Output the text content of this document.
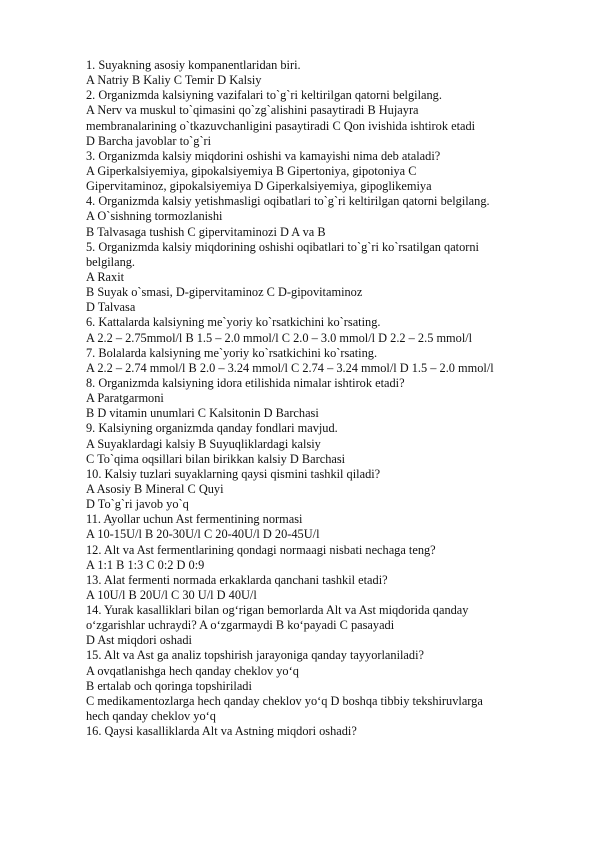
1. Suyakning asosiy kompanentlaridan biri.
A Natriy B Kaliy C Temir D Kalsiy
2. Organizmda kalsiyning vazifalari to`g`ri keltirilgan qatorni belgilang.
A Nerv va muskul to`qimasini qo`zg`alishini pasaytiradi B Hujayra
membranalarining o`tkazuvchanligini pasaytiradi C Qon ivishida ishtirok etadi
D Barcha javoblar to`g`ri
3. Organizmda kalsiy miqdorini oshishi va kamayishi nima deb ataladi?
A Giperkalsiyemiya, gipokalsiyemiya B Gipertoniya, gipotoniya C
Gipervitaminoz, gipokalsiyemiya D Giperkalsiyemiya, gipoglikemiya
4. Organizmda kalsiy yetishmasligi oqibatlari to`g`ri keltirilgan qatorni belgilang.
A O`sishning tormozlanishi
B Talvasaga tushish C gipervitaminozi D A va B
5. Organizmda kalsiy miqdorining oshishi oqibatlari to`g`ri ko`rsatilgan qatorni
belgilang.
A Raxit
B Suyak o`smasi, D-gipervitaminoz C D-gipovitaminoz
D Talvasa
6. Kattalarda kalsiyning me`yoriy ko`rsatkichini ko`rsating.
A 2.2 – 2.75mmol/l B 1.5 – 2.0 mmol/l C 2.0 – 3.0 mmol/l D 2.2 – 2.5 mmol/l
7. Bolalarda kalsiyning me`yoriy ko`rsatkichini ko`rsating.
A 2.2 – 2.74 mmol/l B 2.0 – 3.24 mmol/l C 2.74 – 3.24 mmol/l D 1.5 – 2.0 mmol/l
8. Organizmda kalsiyning idora etilishida nimalar ishtirok etadi?
A Paratgarmoni
B D vitamin unumlari C Kalsitonin D Barchasi
9. Kalsiyning organizmda qanday fondlari mavjud.
A Suyaklardagi kalsiy B Suyuqliklardagi kalsiy
C To`qima oqsillari bilan birikkan kalsiy D Barchasi
10. Kalsiy tuzlari suyaklarning qaysi qismini tashkil qiladi?
A Asosiy B Mineral C Quyi
D To`g`ri javob yo`q
11. Ayollar uchun Ast fermentining normasi
A 10-15U/l B 20-30U/l C 20-40U/l D 20-45U/l
12. Alt va Ast fermentlarining qondagi normaagi nisbati nechaga teng?
A 1:1 B 1:3 C 0:2 D 0:9
13. Alat fermenti normada erkaklarda qanchani tashkil etadi?
A 10U/l B 20U/l C 30 U/l D 40U/l
14. Yurak kasalliklari bilan og‘rigan bemorlarda Alt va Ast miqdorida qanday
o‘zgarishlar uchraydi? A o‘zgarmaydi B ko‘payadi C pasayadi
D Ast miqdori oshadi
15. Alt va Ast ga analiz topshirish jarayoniga qanday tayyorlaniladi?
A ovqatlanishga hech qanday cheklov yo‘q
B ertalab och qoringa topshiriladi
C medikamentozlarga hech qanday cheklov yo‘q D boshqa tibbiy tekshiruvlarga
hech qanday cheklov yo‘q
16. Qaysi kasalliklarda Alt va Astning miqdori oshadi?
